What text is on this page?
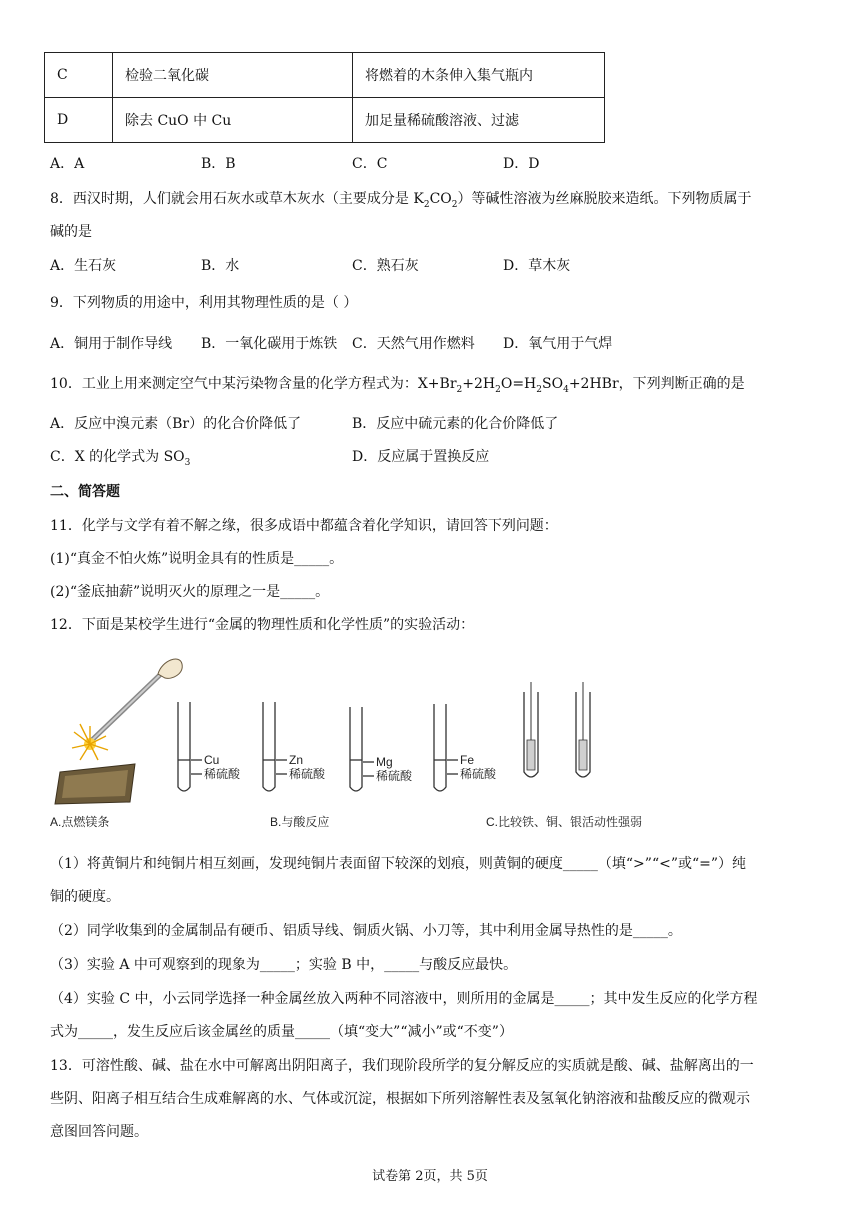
C	检验二氧化碳	将燃着的木条伸入集气瓶内
D	除去 CuO 中 Cu	加足量稀硫酸溶液、过滤
A．A	B．B	C．C	D．D
8．西汉时期，人们就会用石灰水或草木灰水（主要成分是 $K_2CO_2$）等碱性溶液为丝麻脱胶来造纸。下列物质属于
碱的是
A．生石灰	B．水	C．熟石灰	D．草木灰
9．下列物质的用途中，利用其物理性质的是（ ）
A．铜用于制作导线 B．一氧化碳用于炼铁 C．天然气用作燃料 D．氧气用于气焊
10．工业上用来测定空气中某污染物含量的化学方程式为：$X+Br_2+2H_2O=H_2SO_4+2HBr$，下列判断正确的是
A．反应中溴元素（Br）的化合价降低了	B．反应中硫元素的化合价降低了
C．X 的化学式为 $SO_3$	D．反应属于置换反应
二、简答题
11．化学与文学有着不解之缘，很多成语中都蕴含着化学知识，请回答下列问题：
(1)“真金不怕火炼”说明金具有的性质是_____。
(2)“釜底抽薪”说明灭火的原理之一是_____。
12．下面是某校学生进行“金属的物理性质和化学性质”的实验活动：
Cu
稀硫酸
Zn
稀硫酸
Mg
稀硫酸
Fe
稀硫酸
A.点燃镁条	B.与酸反应	C.比较铁、铜、银活动性强弱
（1）将黄铜片和纯铜片相互刻画，发现纯铜片表面留下较深的划痕，则黄铜的硬度_____（填“>”“<”或“=”）纯
铜的硬度。
（2）同学收集到的金属制品有硬币、铝质导线、铜质火锅、小刀等，其中利用金属导热性的是_____。
（3）实验 A 中可观察到的现象为_____；实验 B 中，_____与酸反应最快。
（4）实验 C 中，小云同学选择一种金属丝放入两种不同溶液中，则所用的金属是_____；其中发生反应的化学方程
式为_____，发生反应后该金属丝的质量_____（填“变大”“减小”或“不变”）
13．可溶性酸、碱、盐在水中可解离出阴阳离子，我们现阶段所学的复分解反应的实质就是酸、碱、盐解离出的一
些阴、阳离子相互结合生成难解离的水、气体或沉淀，根据如下所列溶解性表及氢氧化钠溶液和盐酸反应的微观示
意图回答问题。
试卷第 2页，共 5页
